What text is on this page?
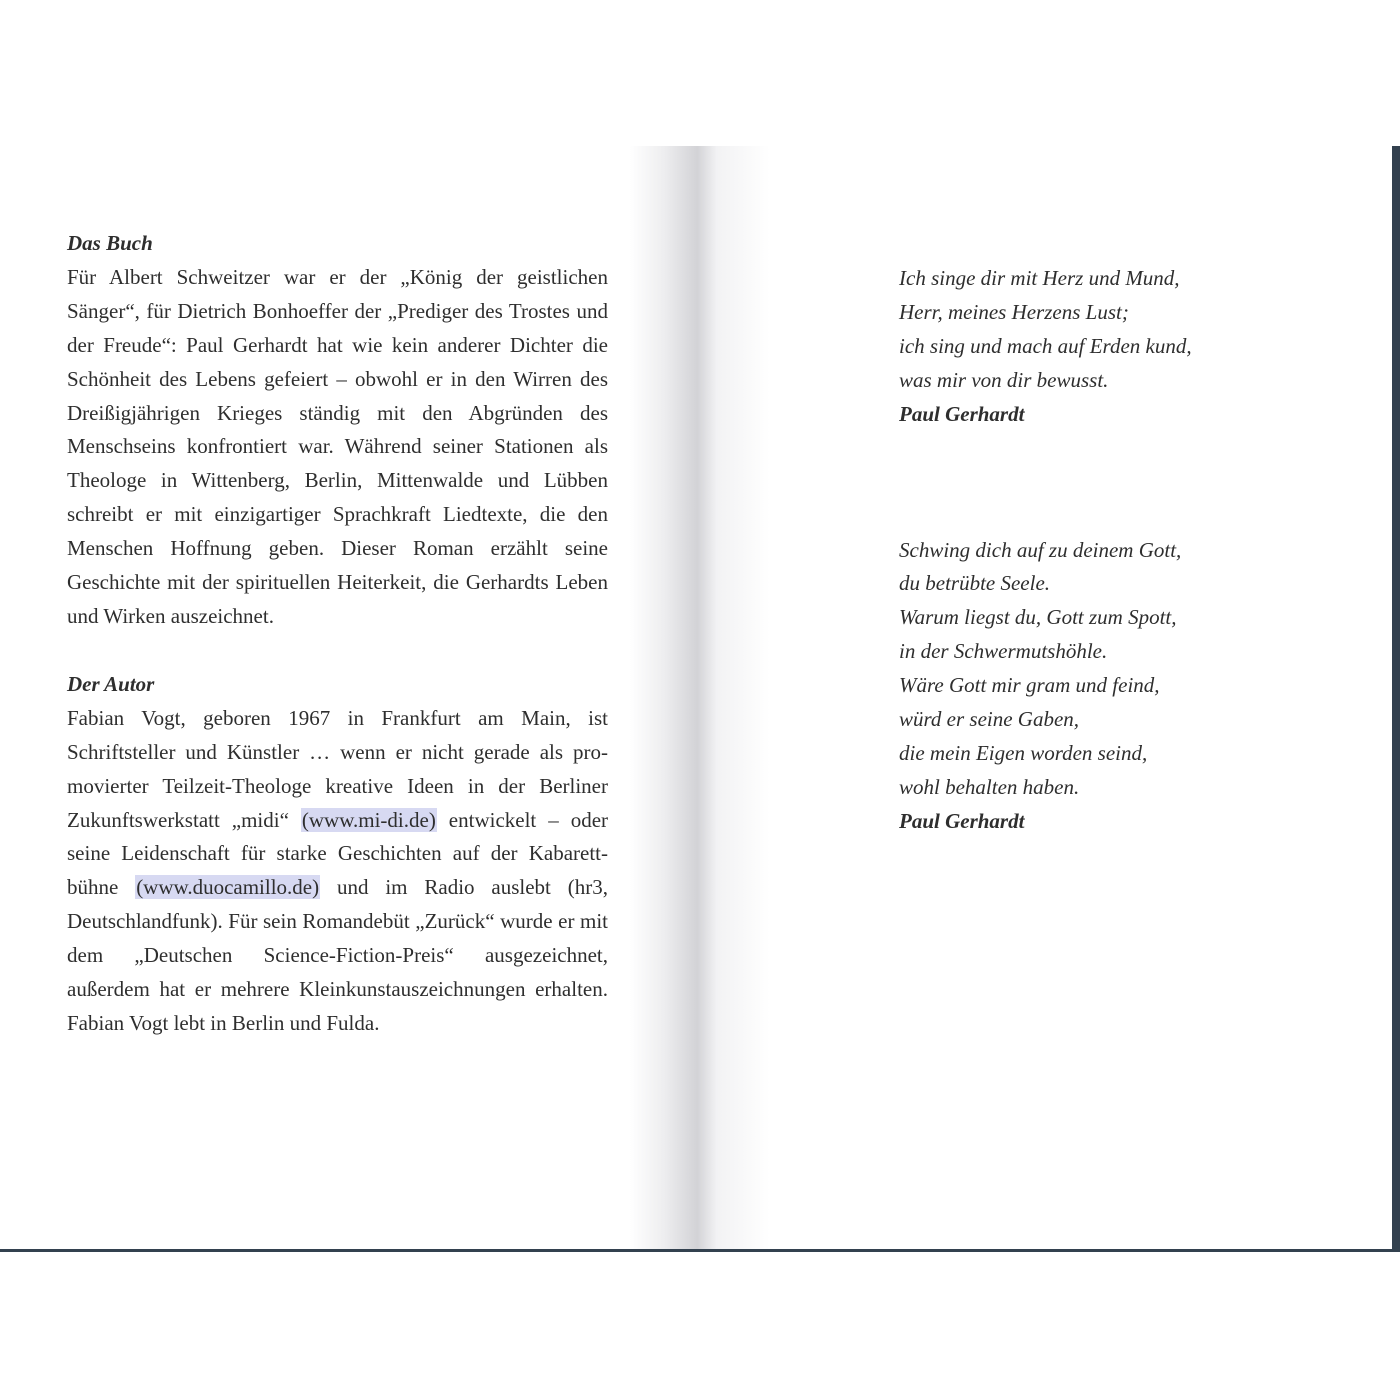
Das Buch

Für Albert Schweitzer war er der „König der geistlichen Sänger“, für Dietrich Bonhoeffer der „Prediger des Trostes und der Freude“: Paul Gerhardt hat wie kein anderer Dichter die Schönheit des Lebens gefeiert – obwohl er in den Wirren des Dreißigjährigen Krieges ständig mit den Abgründen des Menschseins konfrontiert war. Während seiner Stationen als Theologe in Wittenberg, Berlin, Mittenwalde und Lübben schreibt er mit einzigartiger Sprachkraft Liedtexte, die den Menschen Hoffnung geben. Dieser Roman erzählt seine Geschichte mit der spirituellen Heiterkeit, die Gerhardts Leben und Wirken auszeichnet.

Der Autor

Fabian Vogt, geboren 1967 in Frankfurt am Main, ist Schriftsteller und Künstler … wenn er nicht gerade als promovierter Teilzeit-Theologe kreative Ideen in der Berliner Zukunftswerkstatt „midi“ (www.mi-di.de) entwickelt – oder seine Leidenschaft für starke Geschichten auf der Kabarettbühne (www.duocamillo.de) und im Radio auslebt (hr3, Deutschlandfunk). Für sein Romandebüt „Zurück“ wurde er mit dem „Deutschen Science-Fiction-Preis“ ausgezeichnet, außerdem hat er mehrere Kleinkunstauszeichnungen erhalten. Fabian Vogt lebt in Berlin und Fulda.

Ich singe dir mit Herz und Mund,
Herr, meines Herzens Lust;
ich sing und mach auf Erden kund,
was mir von dir bewusst.
Paul Gerhardt
Schwing dich auf zu deinem Gott,
du betrübte Seele.
Warum liegst du, Gott zum Spott,
in der Schwermutshöhle.
Wäre Gott mir gram und feind,
würd er seine Gaben,
die mein Eigen worden seind,
wohl behalten haben.
Paul Gerhardt
